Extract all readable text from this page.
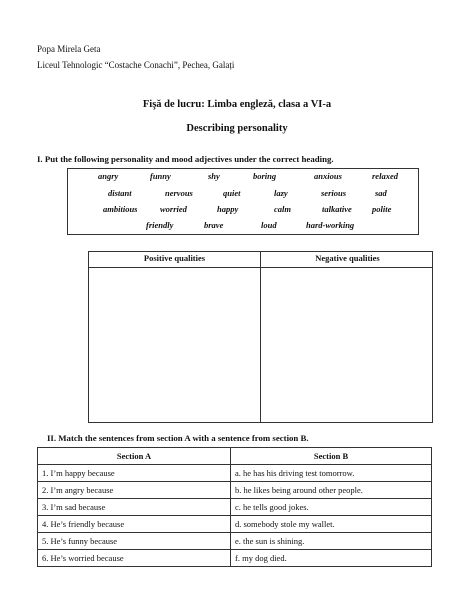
Popa Mirela Geta
Liceul Tehnologic “Costache Conachi”, Pechea, Galați
Fişă de lucru: Limba engleză, clasa a VI-a
Describing personality
I. Put the following personality and mood adjectives under the correct heading.
angry	funny	shy	boring	anxious	relaxed
distant	nervous	quiet	lazy	serious	sad
ambitious	worried	happy	calm	talkative polite
friendly	brave	loud	hard-working
Positive qualities	Negative qualities
II. Match the sentences from section A with a sentence from section B.
Section A	Section B
1. I’m happy because	a. he has his driving test tomorrow.
2. I’m angry because	b. he likes being around other people.
3. I’m sad because	c. he tells good jokes.
4. He’s friendly because	d. somebody stole my wallet.
5. He’s funny because	e. the sun is shining.
6. He’s worried because	f. my dog died.
